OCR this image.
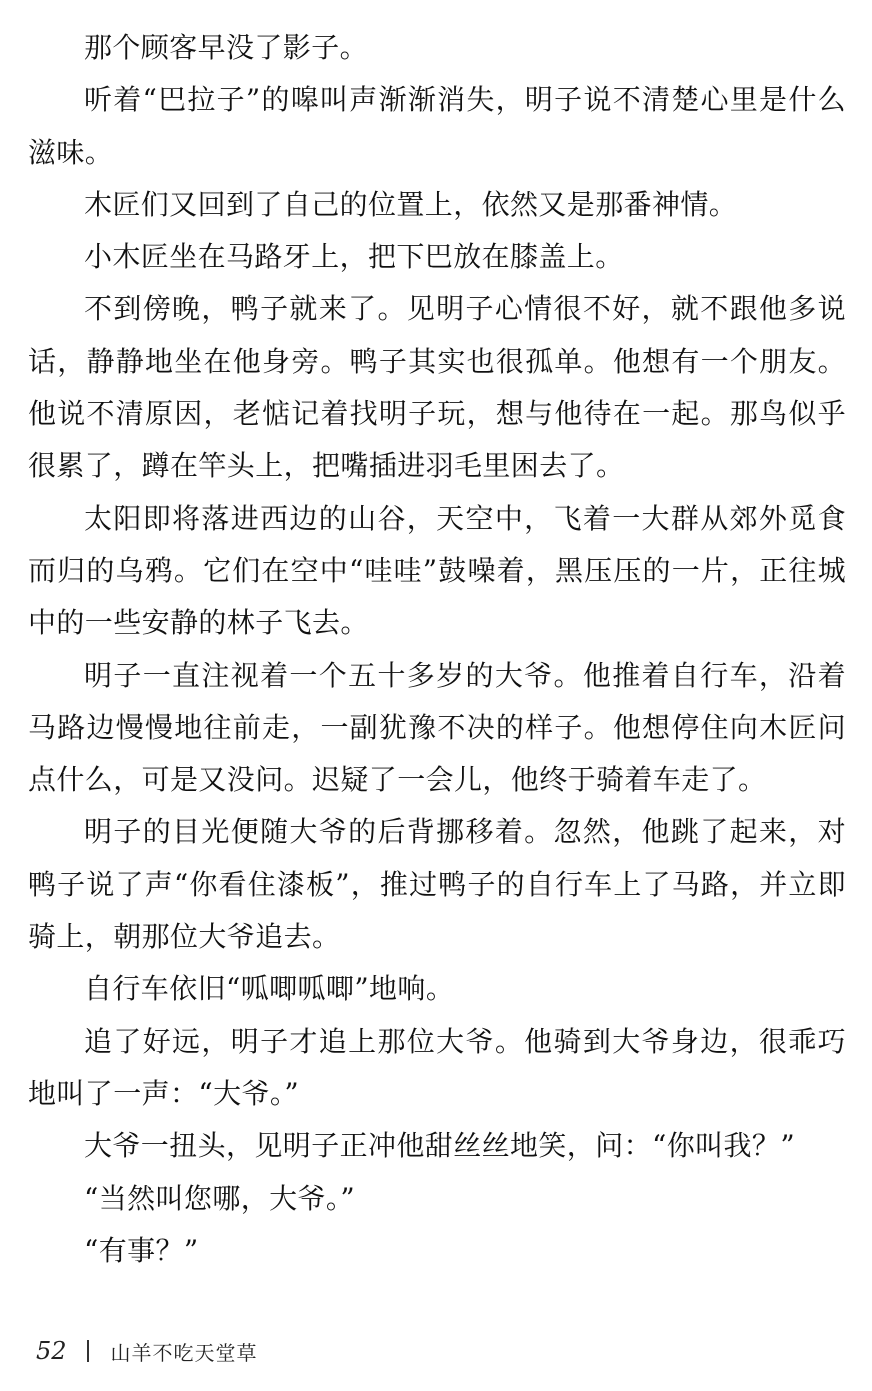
那个顾客早没了影子。

听着“巴拉子”的嗥叫声渐渐消失，明子说不清楚心里是什么滋味。

木匠们又回到了自己的位置上，依然又是那番神情。

小木匠坐在马路牙上，把下巴放在膝盖上。

不到傍晚，鸭子就来了。见明子心情很不好，就不跟他多说话，静静地坐在他身旁。鸭子其实也很孤单。他想有一个朋友。他说不清原因，老惦记着找明子玩，想与他待在一起。那鸟似乎很累了，蹲在竿头上，把嘴插进羽毛里困去了。

太阳即将落进西边的山谷，天空中，飞着一大群从郊外觅食而归的乌鸦。它们在空中“哇哇”鼓噪着，黑压压的一片，正往城中的一些安静的林子飞去。

明子一直注视着一个五十多岁的大爷。他推着自行车，沿着马路边慢慢地往前走，一副犹豫不决的样子。他想停住向木匠问点什么，可是又没问。迟疑了一会儿，他终于骑着车走了。

明子的目光便随大爷的后背挪移着。忽然，他跳了起来，对鸭子说了声“你看住漆板”，推过鸭子的自行车上了马路，并立即骑上，朝那位大爷追去。

自行车依旧“呱唧呱唧”地响。

追了好远，明子才追上那位大爷。他骑到大爷身边，很乖巧地叫了一声：“大爷。”

大爷一扭头，见明子正冲他甜丝丝地笑，问：“你叫我？”

“当然叫您哪，大爷。”

“有事？”

52 山羊不吃天堂草
